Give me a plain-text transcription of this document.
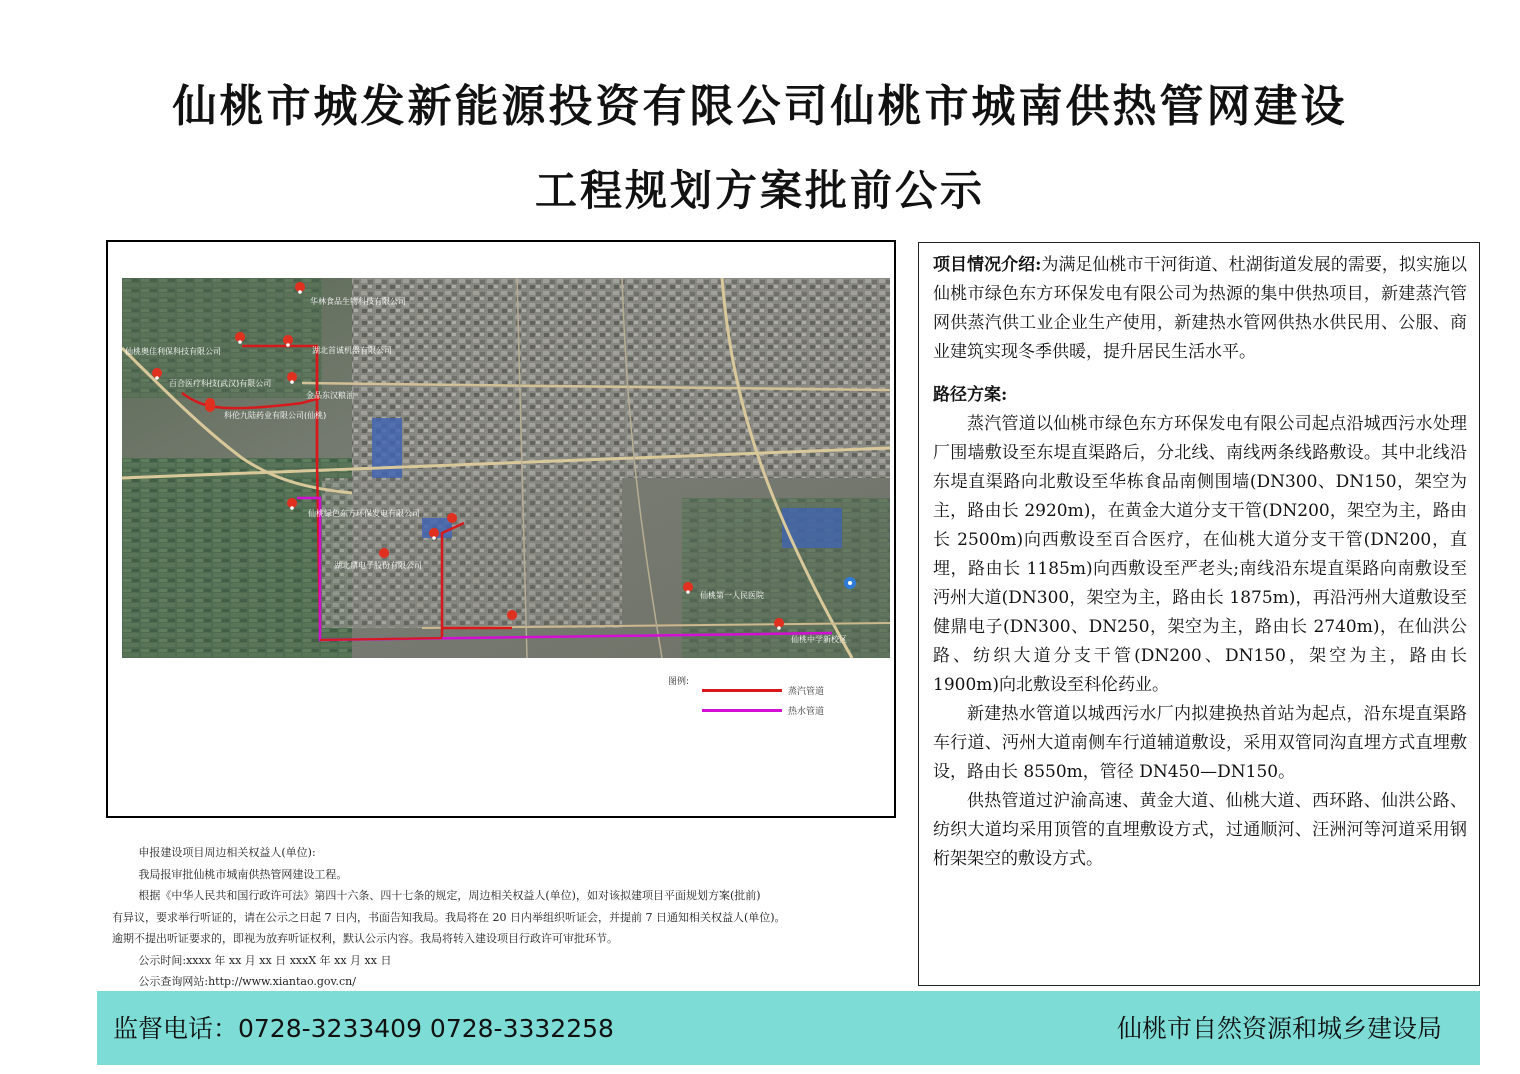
仙桃市城发新能源投资有限公司仙桃市城南供热管网建设
工程规划方案批前公示
华林食品生物科技有限公司
仙桃奥佳利保科技有限公司	湖北首诚机器有限公司
百合医疗科技(武汉)有限公司
金品东汉粮油
科伦九陆药业有限公司(仙桃)
仙桃绿色东方环保发电有限公司
湖北鼎电子股份有限公司
仙桃第一人民医院
仙桃中学新校区
图例:
蒸汽管道
热水管道

项目情况介绍:为满足仙桃市干河街道、杜湖街道发展的需要，拟实施以仙桃市绿色东方环保发电有限公司为热源的集中供热项目，新建蒸汽管网供蒸汽供工业企业生产使用，新建热水管网供热水供民用、公服、商业建筑实现冬季供暖，提升居民生活水平。

路径方案:

蒸汽管道以仙桃市绿色东方环保发电有限公司起点沿城西污水处理厂围墙敷设至东堤直渠路后，分北线、南线两条线路敷设。其中北线沿东堤直渠路向北敷设至华栋食品南侧围墙(DN300、DN150，架空为主，路由长 2920m)，在黄金大道分支干管(DN200，架空为主，路由长 2500m)向西敷设至百合医疗，在仙桃大道分支干管(DN200，直埋，路由长 1185m)向西敷设至严老头;南线沿东堤直渠路向南敷设至沔州大道(DN300，架空为主，路由长 1875m)，再沿沔州大道敷设至健鼎电子(DN300、DN250，架空为主，路由长 2740m)，在仙洪公路、纺织大道分支干管(DN200、DN150，架空为主，路由长 1900m)向北敷设至科伦药业。

新建热水管道以城西污水厂内拟建换热首站为起点，沿东堤直渠路车行道、沔州大道南侧车行道辅道敷设，采用双管同沟直埋方式直埋敷设，路由长 8550m，管径 DN450—DN150。

供热管道过沪渝高速、黄金大道、仙桃大道、西环路、仙洪公路、纺织大道均采用顶管的直埋敷设方式，过通顺河、汪洲河等河道采用钢桁架架空的敷设方式。

申报建设项目周边相关权益人(单位):

我局报审批仙桃市城南供热管网建设工程。

根据《中华人民共和国行政许可法》第四十六条、四十七条的规定，周边相关权益人(单位)，如对该拟建项目平面规划方案(批前)

有异议，要求举行听证的，请在公示之日起 7 日内，书面告知我局。我局将在 20 日内举组织听证会，并提前 7 日通知相关权益人(单位)。

逾期不提出听证要求的，即视为放弃听证权利，默认公示内容。我局将转入建设项目行政许可审批环节。

公示时间:xxxx 年 xx 月 xx 日 xxxX 年 xx 月 xx 日

公示查询网站:http://www.xiantao.gov.cn/

监督电话：0728-3233409 0728-3332258	仙桃市自然资源和城乡建设局
